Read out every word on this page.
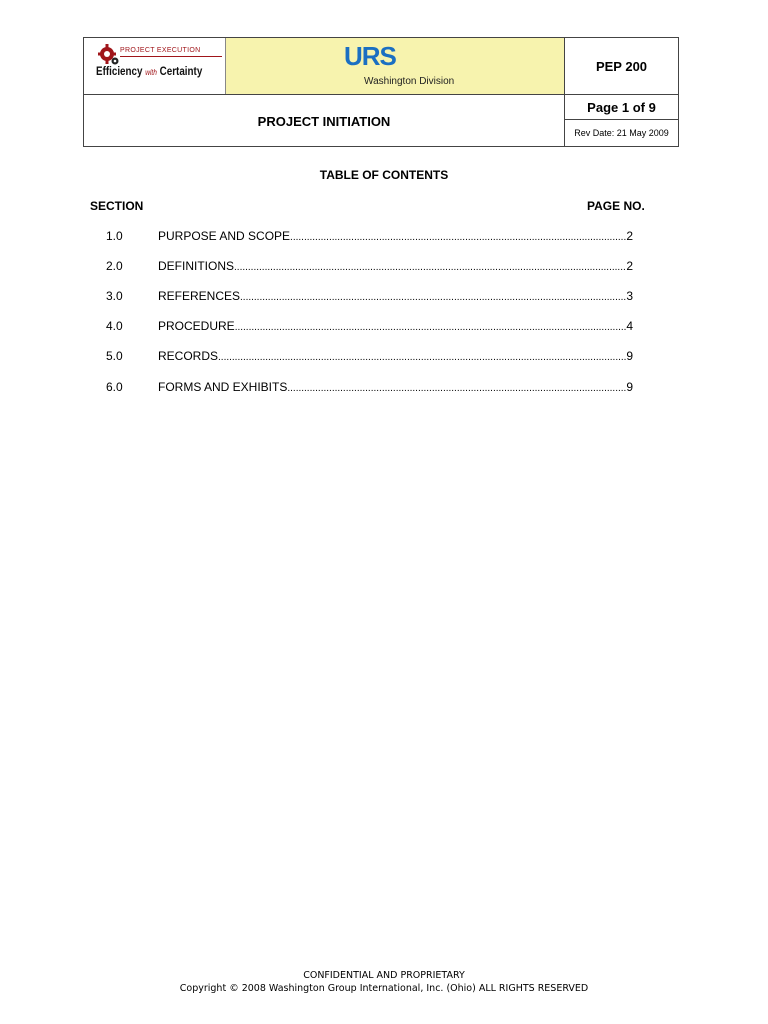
PROJECT EXECUTION
Efficiency with Certainty	URS
Washington Division
PEP 200
PROJECT INITIATION
Page 1 of 9
Rev Date: 21 May 2009
TABLE OF CONTENTS
SECTION	PAGE NO.
1.0	PURPOSE AND SCOPE .....	2
2.0	DEFINITIONS .....	2
3.0	REFERENCES .....	3
4.0	PROCEDURE .....	4
5.0	RECORDS .....	9
6.0	FORMS AND EXHIBITS .....	9
CONFIDENTIAL AND PROPRIETARY
Copyright © 2008 Washington Group International, Inc. (Ohio) ALL RIGHTS RESERVED
